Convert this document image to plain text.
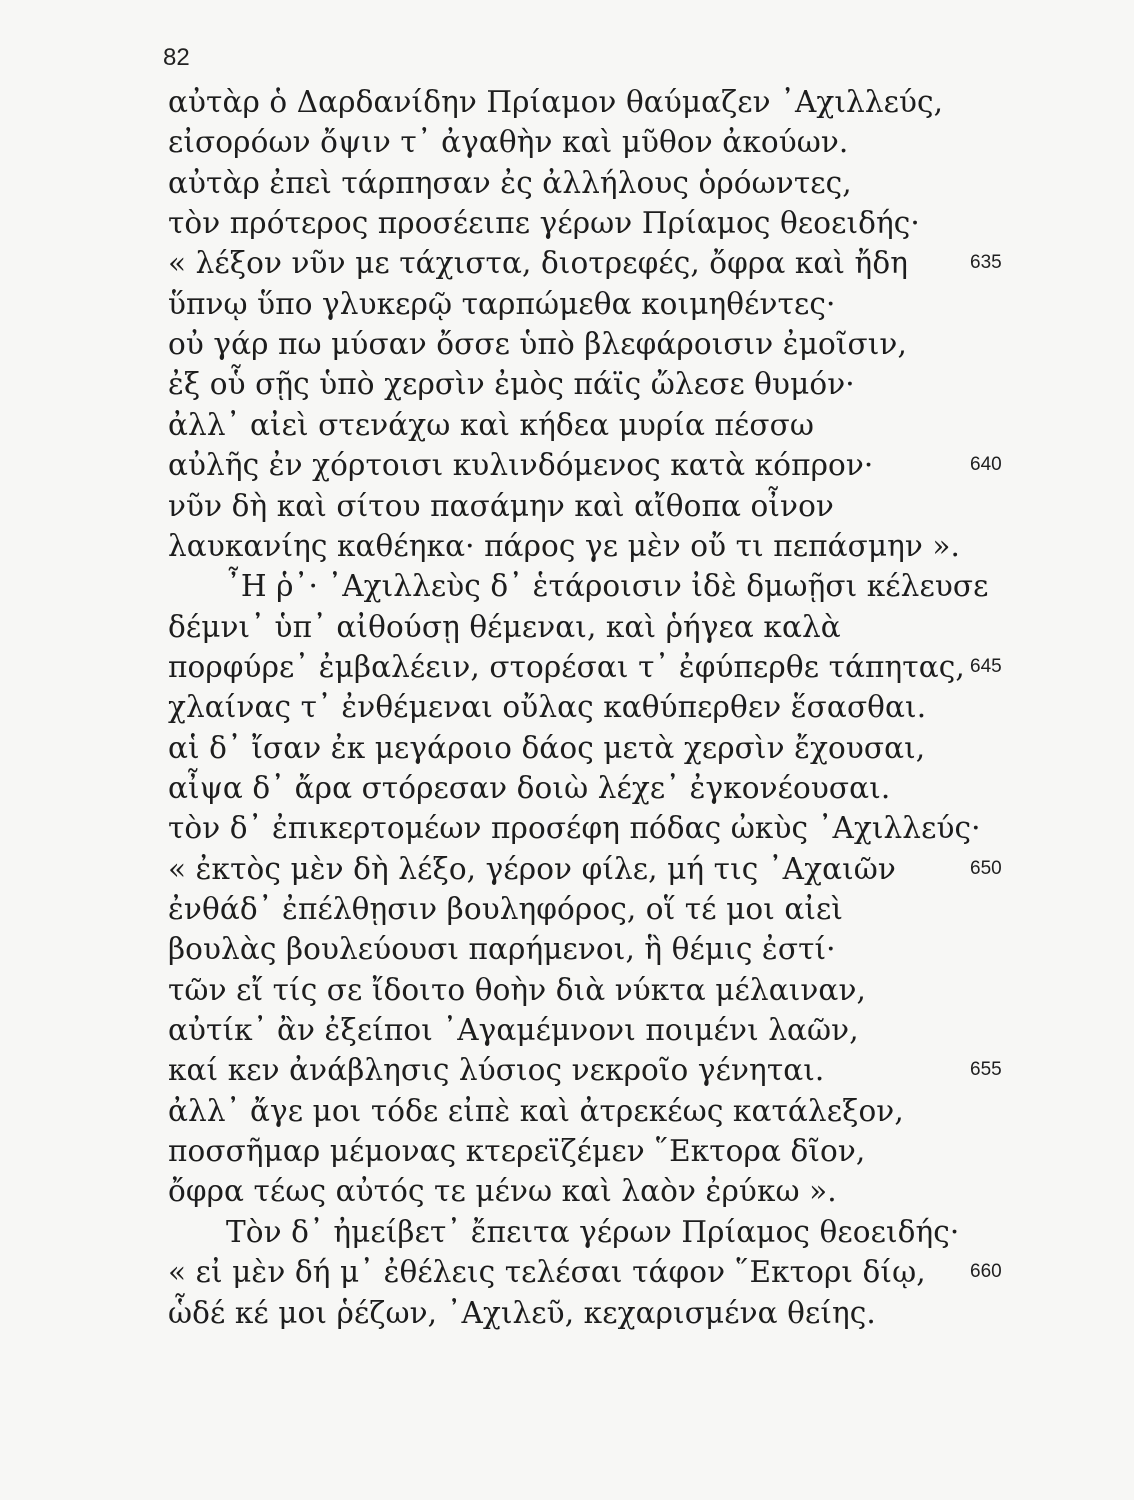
82
αὐτὰρ ὁ Δαρδανίδην Πρίαμον θαύμαζεν ᾿Αχιλλεύς,
εἰσορόων ὄψιν τ᾿ ἀγαθὴν καὶ μῦθον ἀκούων.
αὐτὰρ ἐπεὶ τάρπησαν ἐς ἀλλήλους ὁρόωντες,
τὸν πρότερος προσέειπε γέρων Πρίαμος θεοειδής·
« λέξον νῦν με τάχιστα, διοτρεφές, ὄφρα καὶ ἤδη	635
ὕπνῳ ὕπο γλυκερῷ ταρπώμεθα κοιμηθέντες·
οὐ γάρ πω μύσαν ὄσσε ὑπὸ βλεφάροισιν ἐμοῖσιν,
ἐξ οὗ σῇς ὑπὸ χερσὶν ἐμὸς πάϊς ὤλεσε θυμόν·
ἀλλ᾿ αἰεὶ στενάχω καὶ κήδεα μυρία πέσσω
αὐλῆς ἐν χόρτοισι κυλινδόμενος κατὰ κόπρον·	640
νῦν δὴ καὶ σίτου πασάμην καὶ αἴθοπα οἶνον
λαυκανίης καθέηκα· πάρος γε μὲν οὔ τι πεπάσμην ».
῏Η ῥ᾿· ᾿Αχιλλεὺς δ᾿ ἑτάροισιν ἰδὲ δμωῇσι κέλευσε
δέμνι᾿ ὑπ᾿ αἰθούσῃ θέμεναι, καὶ ῥήγεα καλὰ
πορφύρε᾿ ἐμβαλέειν, στορέσαι τ᾿ ἐφύπερθε τάπητας, 645
χλαίνας τ᾿ ἐνθέμεναι οὔλας καθύπερθεν ἕσασθαι.
αἱ δ᾿ ἴσαν ἐκ μεγάροιο δάος μετὰ χερσὶν ἔχουσαι,
αἶψα δ᾿ ἄρα στόρεσαν δοιὼ λέχε᾿ ἐγκονέουσαι.
τὸν δ᾿ ἐπικερτομέων προσέφη πόδας ὠκὺς ᾿Αχιλλεύς·
« ἐκτὸς μὲν δὴ λέξο, γέρον φίλε, μή τις ᾿Αχαιῶν	650
ἐνθάδ᾿ ἐπέλθῃσιν βουληφόρος, οἵ τέ μοι αἰεὶ
βουλὰς βουλεύουσι παρήμενοι, ἣ θέμις ἐστί·
τῶν εἴ τίς σε ἴδοιτο θοὴν διὰ νύκτα μέλαιναν,
αὐτίκ᾿ ἂν ἐξείποι ᾿Αγαμέμνονι ποιμένι λαῶν,
καί κεν ἀνάβλησις λύσιος νεκροῖο γένηται.	655
ἀλλ᾿ ἄγε μοι τόδε εἰπὲ καὶ ἀτρεκέως κατάλεξον,
ποσσῆμαρ μέμονας κτερεϊζέμεν ῞Εκτορα δῖον,
ὄφρα τέως αὐτός τε μένω καὶ λαὸν ἐρύκω ».
Τὸν δ᾿ ἠμείβετ᾿ ἔπειτα γέρων Πρίαμος θεοειδής·
« εἰ μὲν δή μ᾿ ἐθέλεις τελέσαι τάφον ῞Εκτορι δίῳ, 660
ὧδέ κέ μοι ῥέζων, ᾿Αχιλεῦ, κεχαρισμένα θείης.
